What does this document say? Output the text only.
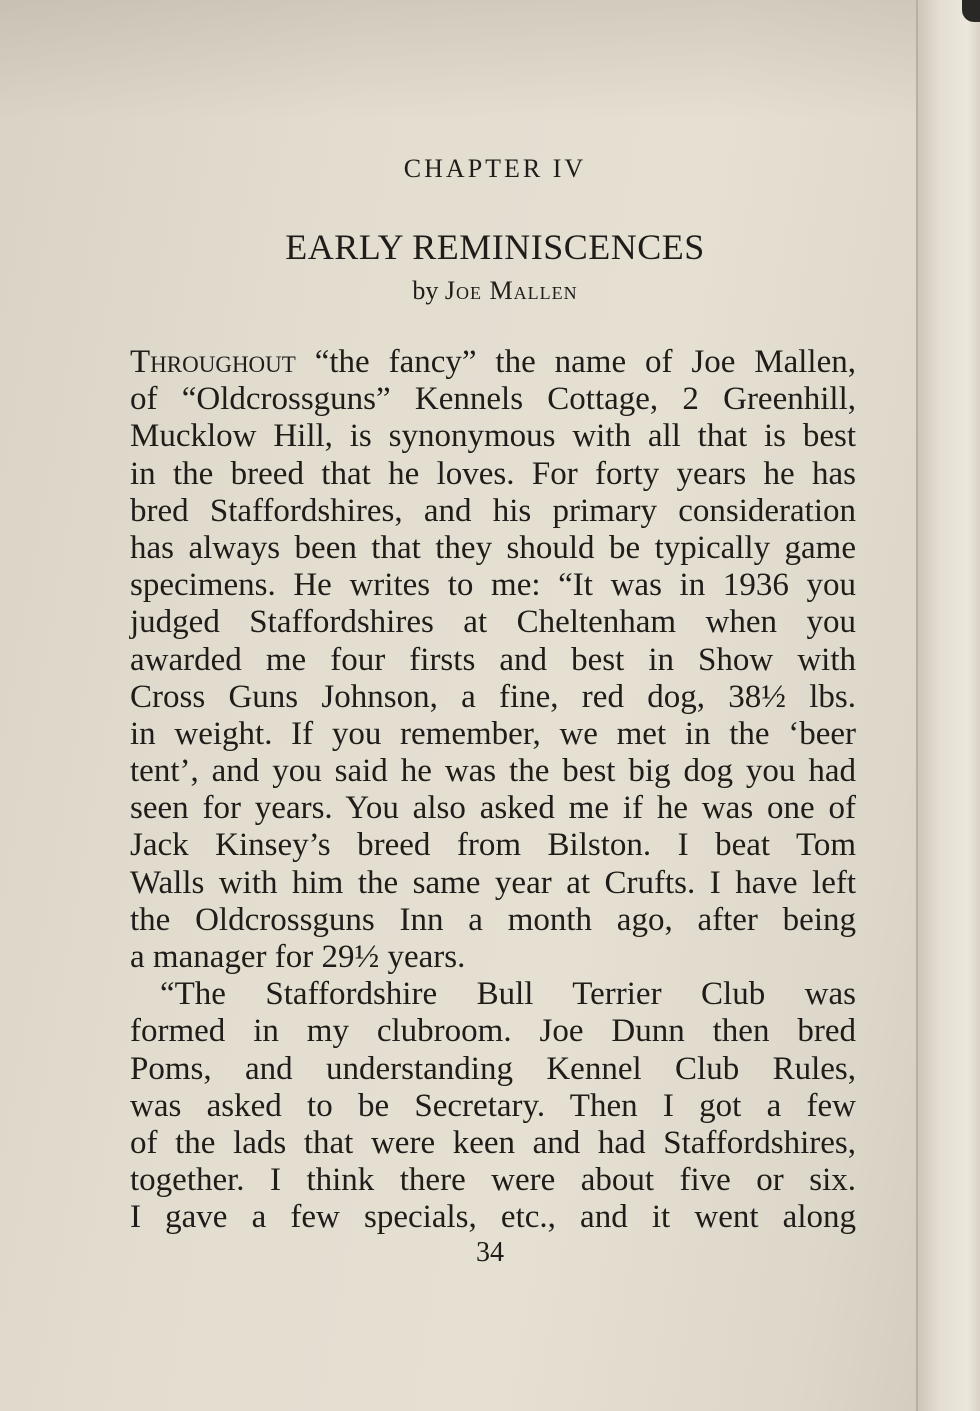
CHAPTER IV
EARLY REMINISCENCES
by Joe Mallen
Throughout “the fancy” the name of Joe Mallen,
of “Oldcrossguns” Kennels Cottage, 2 Greenhill,
Mucklow Hill, is synonymous with all that is best
in the breed that he loves. For forty years he has
bred Staffordshires, and his primary consideration
has always been that they should be typically game
specimens. He writes to me: “It was in 1936 you
judged Staffordshires at Cheltenham when you
awarded me four firsts and best in Show with
Cross Guns Johnson, a fine, red dog, 38½ lbs.
in weight. If you remember, we met in the ‘beer
tent’, and you said he was the best big dog you had
seen for years. You also asked me if he was one of
Jack Kinsey’s breed from Bilston. I beat Tom
Walls with him the same year at Crufts. I have left
the Oldcrossguns Inn a month ago, after being
a manager for 29½ years.
“The Staffordshire Bull Terrier Club was
formed in my clubroom. Joe Dunn then bred
Poms, and understanding Kennel Club Rules,
was asked to be Secretary. Then I got a few
of the lads that were keen and had Staffordshires,
together. I think there were about five or six.
I gave a few specials, etc., and it went along
34
